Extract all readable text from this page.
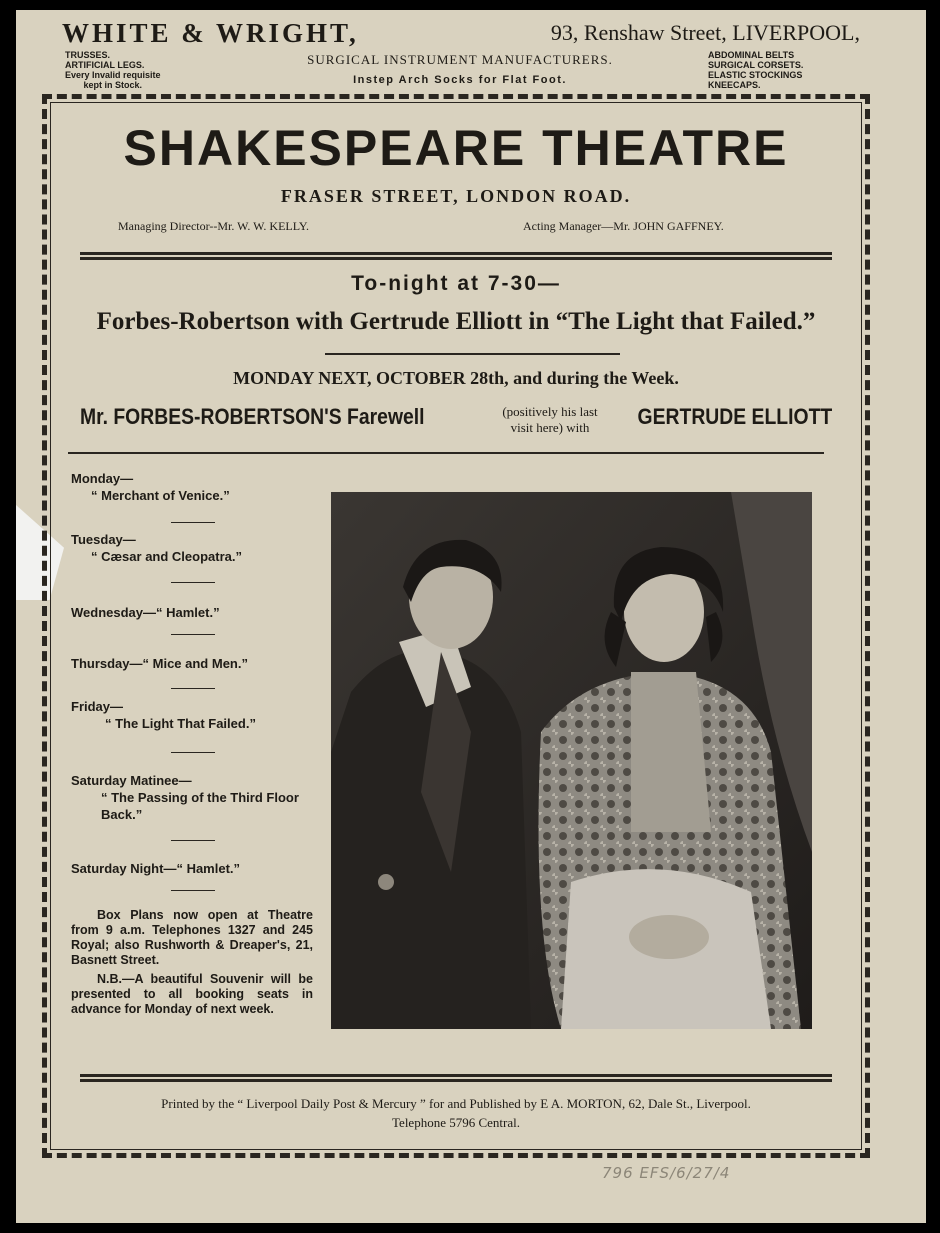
WHITE & WRIGHT,	93, Renshaw Street, LIVERPOOL,
TRUSSES.
ARTIFICIAL LEGS.
Every Invalid requisite
kept in Stock.
SURGICAL INSTRUMENT MANUFACTURERS.
Instep Arch Socks for Flat Foot.
ABDOMINAL BELTS
SURGICAL CORSETS.
ELASTIC STOCKINGS
KNEECAPS.
SHAKESPEARE THEATRE
FRASER STREET, LONDON ROAD.
Managing Director--Mr. W. W. KELLY.	Acting Manager—Mr. JOHN GAFFNEY.
To-night at 7-30—
Forbes-Robertson with Gertrude Elliott in “The Light that Failed.”
MONDAY NEXT, OCTOBER 28th, and during the Week.
Mr. FORBES-ROBERTSON'S Farewell	(positively his last
visit here) with	GERTRUDE ELLIOTT
Monday—
“ Merchant of Venice.”
Tuesday—
“ Cæsar and Cleopatra.”
Wednesday—“ Hamlet.”
Thursday—“ Mice and Men.”
Friday—
“ The Light That Failed.”
Saturday Matinee—
“ The Passing of the Third Floor Back.”
Saturday Night—“ Hamlet.”

Box Plans now open at Theatre from 9 a.m. Telephones 1327 and 245 Royal; also Rushworth & Dreaper's, 21, Basnett Street.

N.B.—A beautiful Souvenir will be presented to all booking seats in advance for Monday of next week.

Printed by the “ Liverpool Daily Post & Mercury ” for and Published by E A. MORTON, 62, Dale St., Liverpool.
Telephone 5796 Central.
796 EFS/6/27/4
